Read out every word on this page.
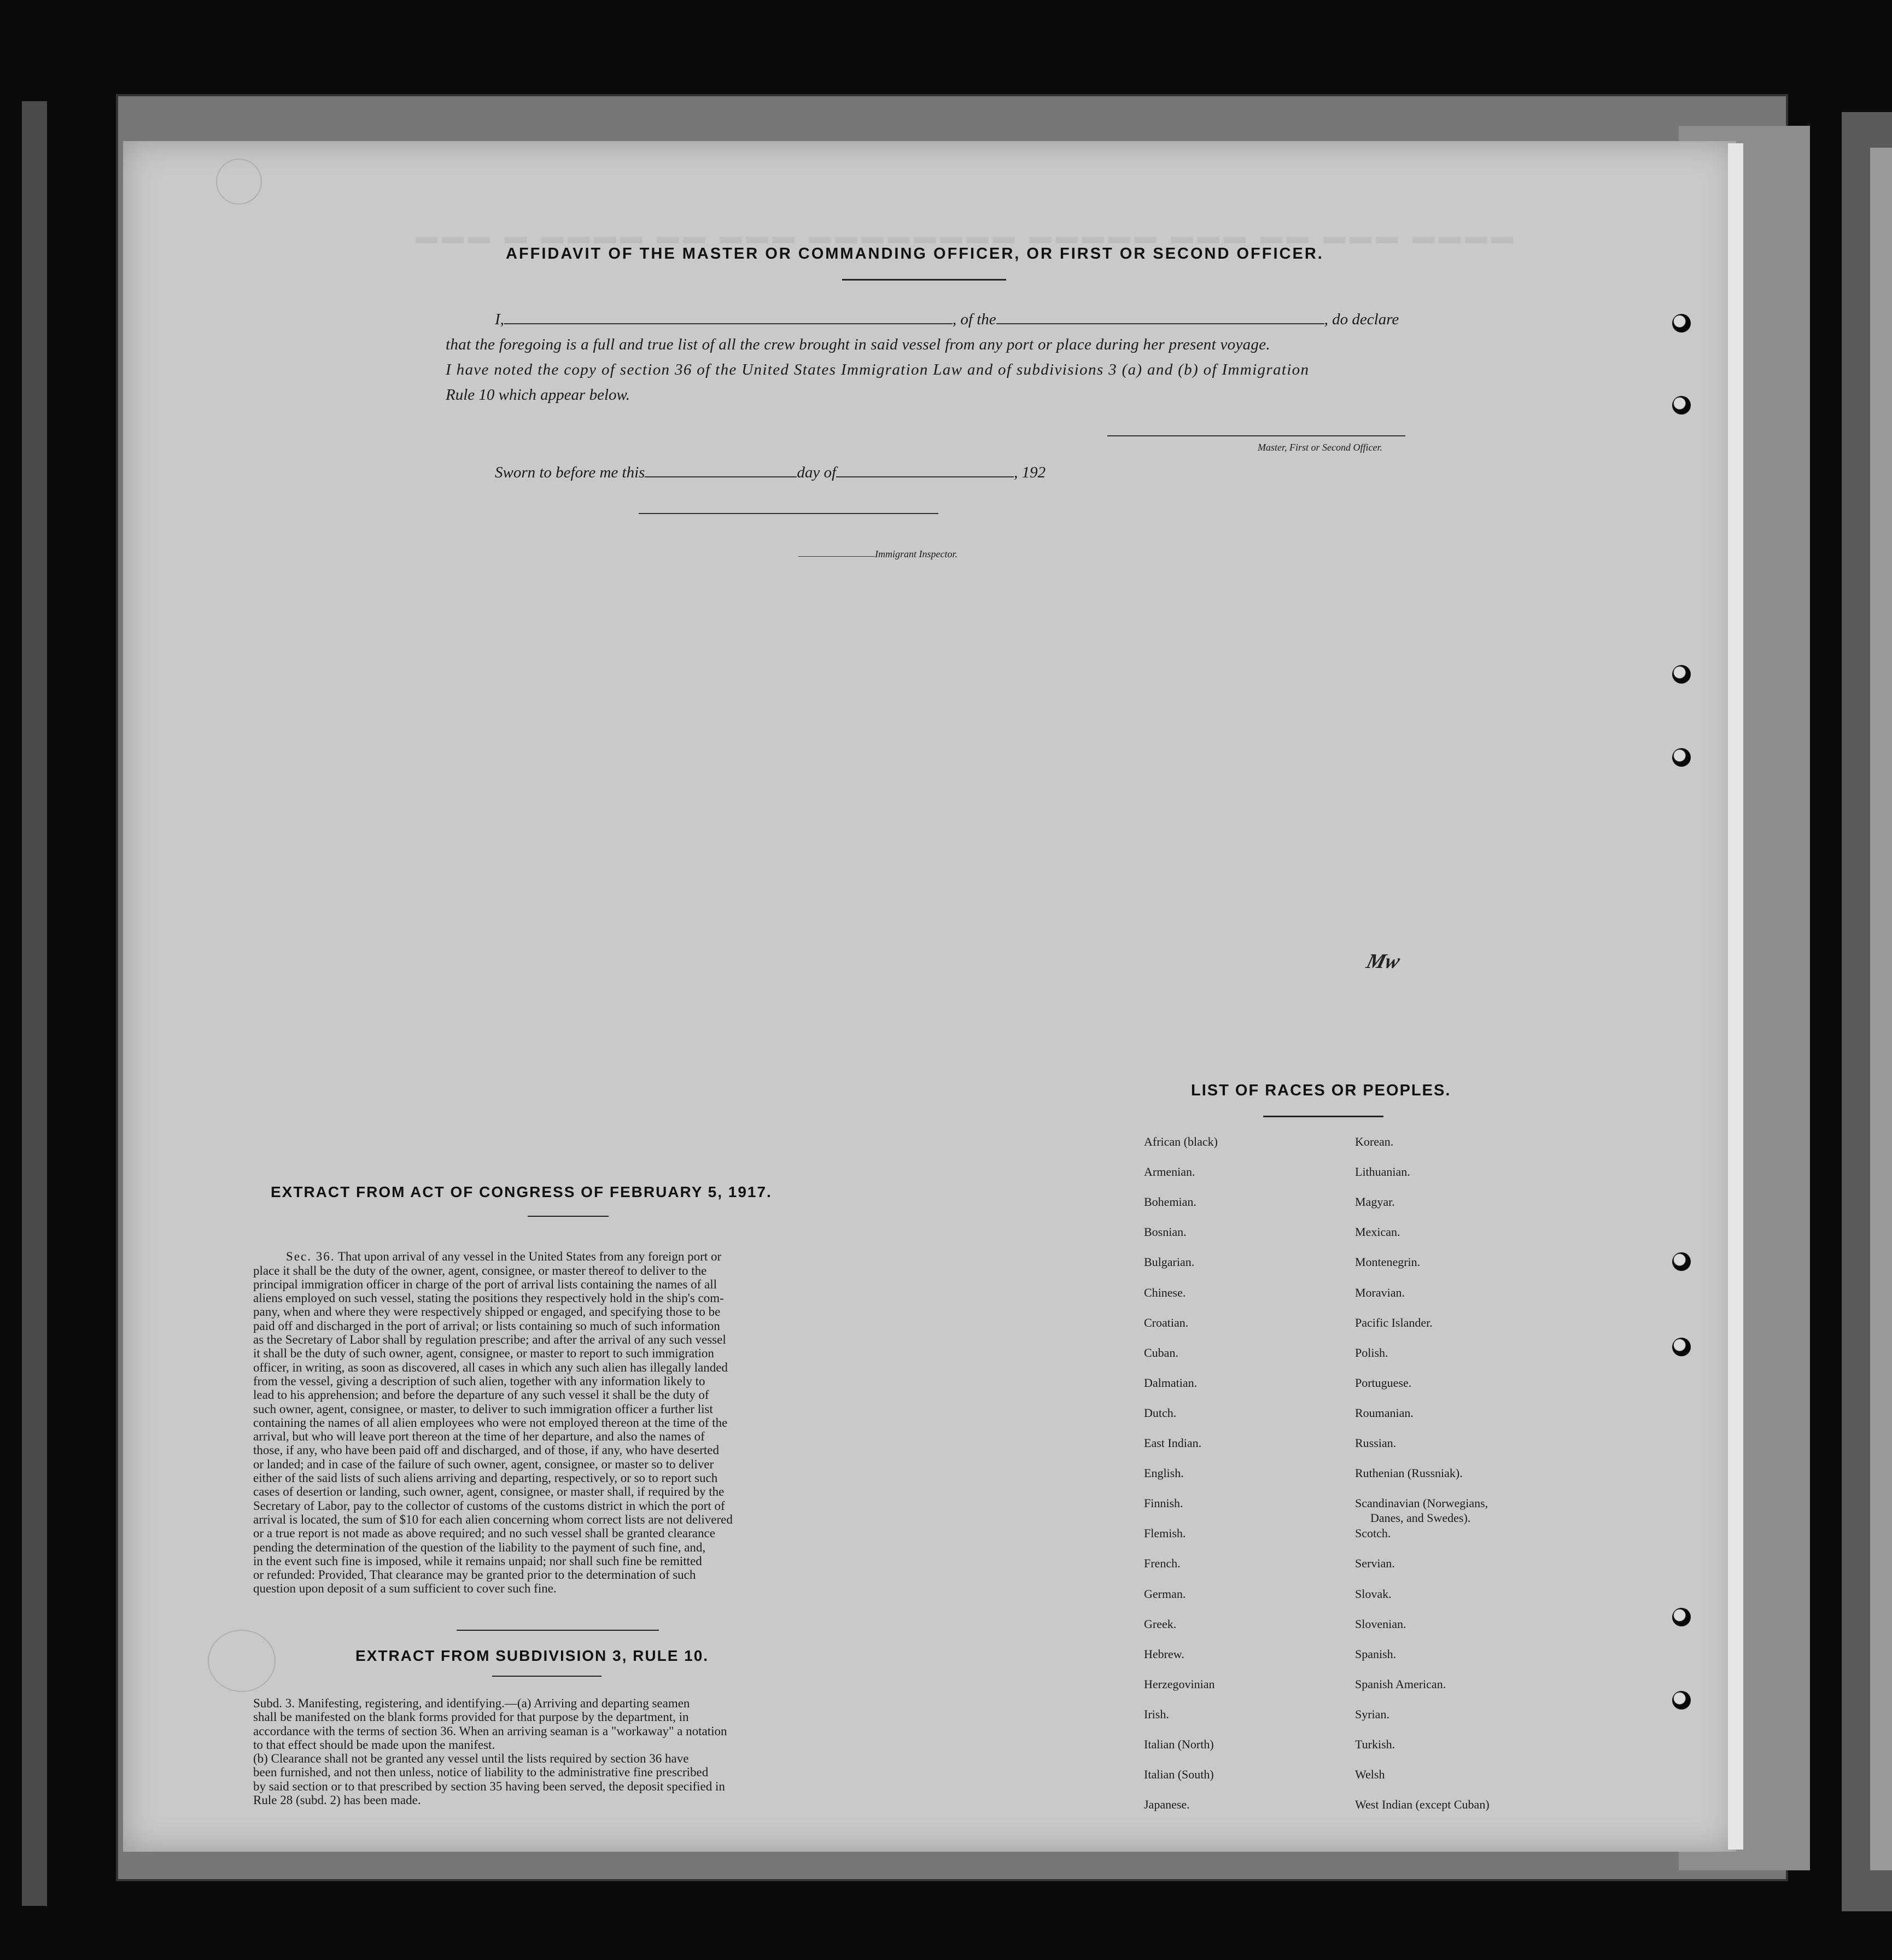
▬▬▬ ▬ ▬▬▬▬ ▬▬ ▬▬▬ ▬▬▬▬▬▬▬▬ ▬▬▬▬▬ ▬▬▬ ▬▬ ▬▬▬ ▬▬▬▬
AFFIDAVIT OF THE MASTER OR COMMANDING OFFICER, OR FIRST OR SECOND OFFICER.
I,	, of the	, do declare
that the foregoing is a full and true list of all the crew brought in said vessel from any port or place during her present voyage.
I have noted the copy of section 36 of the United States Immigration Law and of subdivisions 3 (a) and (b) of Immigration
Rule 10 which appear below.
Master, First or Second Officer.
Sworn to before me this	day of	, 192
Immigrant Inspector.
EXTRACT FROM ACT OF CONGRESS OF FEBRUARY 5, 1917.

Sec. 36. That upon arrival of any vessel in the United States from any foreign port or
place it shall be the duty of the owner, agent, consignee, or master thereof to deliver to the
principal immigration officer in charge of the port of arrival lists containing the names of all
aliens employed on such vessel, stating the positions they respectively hold in the ship's com-
pany, when and where they were respectively shipped or engaged, and specifying those to be
paid off and discharged in the port of arrival; or lists containing so much of such information
as the Secretary of Labor shall by regulation prescribe; and after the arrival of any such vessel
it shall be the duty of such owner, agent, consignee, or master to report to such immigration
officer, in writing, as soon as discovered, all cases in which any such alien has illegally landed
from the vessel, giving a description of such alien, together with any information likely to
lead to his apprehension; and before the departure of any such vessel it shall be the duty of
such owner, agent, consignee, or master, to deliver to such immigration officer a further list
containing the names of all alien employees who were not employed thereon at the time of the
arrival, but who will leave port thereon at the time of her departure, and also the names of
those, if any, who have been paid off and discharged, and of those, if any, who have deserted
or landed; and in case of the failure of such owner, agent, consignee, or master so to deliver
either of the said lists of such aliens arriving and departing, respectively, or so to report such
cases of desertion or landing, such owner, agent, consignee, or master shall, if required by the
Secretary of Labor, pay to the collector of customs of the customs district in which the port of
arrival is located, the sum of $10 for each alien concerning whom correct lists are not delivered
or a true report is not made as above required; and no such vessel shall be granted clearance
pending the determination of the question of the liability to the payment of such fine, and,
in the event such fine is imposed, while it remains unpaid; nor shall such fine be remitted
or refunded: Provided, That clearance may be granted prior to the determination of such
question upon deposit of a sum sufficient to cover such fine.
EXTRACT FROM SUBDIVISION 3, RULE 10.
Subd. 3. Manifesting, registering, and identifying.—(a) Arriving and departing seamen
shall be manifested on the blank forms provided for that purpose by the department, in
accordance with the terms of section 36. When an arriving seaman is a "workaway" a notation
to that effect should be made upon the manifest.
(b) Clearance shall not be granted any vessel until the lists required by section 36 have
been furnished, and not then unless, notice of liability to the administrative fine prescribed
by said section or to that prescribed by section 35 having been served, the deposit specified in
Rule 28 (subd. 2) has been made.
LIST OF RACES OR PEOPLES.
African (black)
Armenian.
Bohemian.
Bosnian.
Bulgarian.
Chinese.
Croatian.
Cuban.
Dalmatian.
Dutch.
East Indian.
English.
Finnish.
Flemish.
French.
German.
Greek.
Hebrew.
Herzegovinian
Irish.
Italian (North)
Italian (South)
Japanese.
Korean.
Lithuanian.
Magyar.
Mexican.
Montenegrin.
Moravian.
Pacific Islander.
Polish.
Portuguese.
Roumanian.
Russian.
Ruthenian (Russniak).
Scandinavian (Norwegians,
Scotch.
Servian.
Slovak.
Slovenian.
Spanish.
Spanish American.
Syrian.
Turkish.
Welsh
West Indian (except Cuban)
Danes, and Swedes).
Mw
